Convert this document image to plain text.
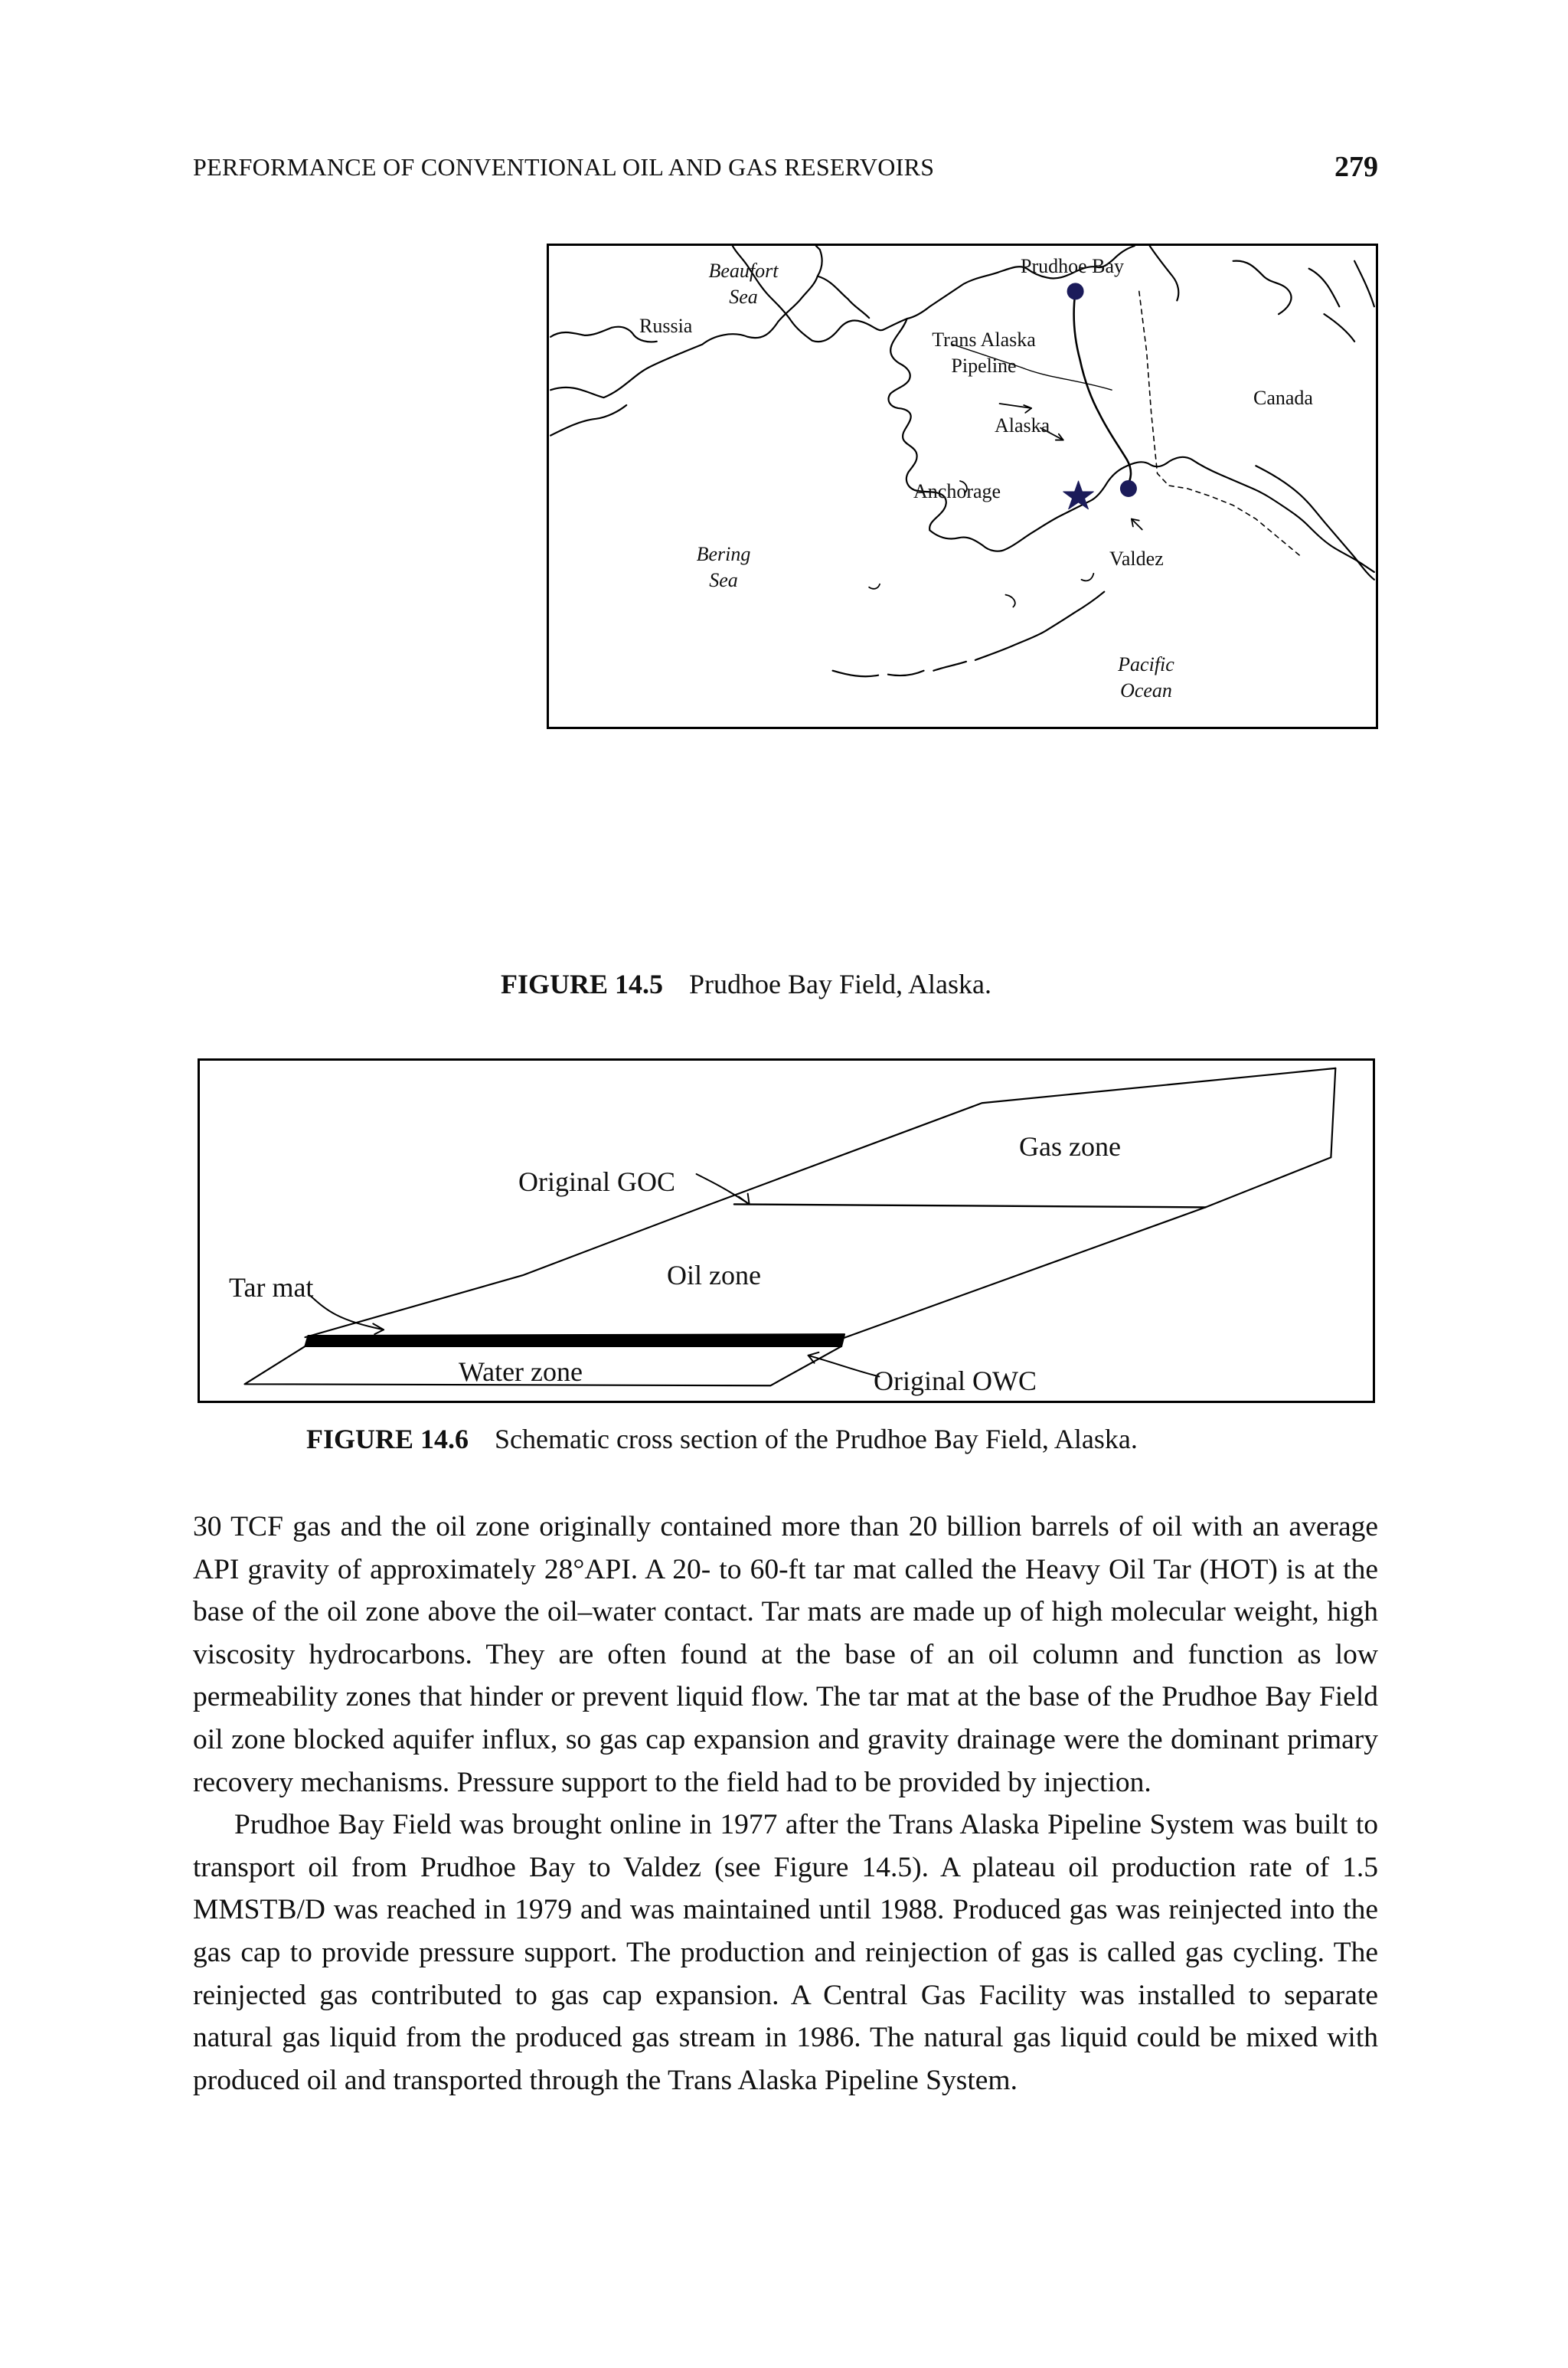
PERFORMANCE OF CONVENTIONAL OIL AND GAS RESERVOIRS	279
Beaufort
Sea
Prudhoe Bay
Russia
Trans Alaska
Pipeline
Canada
Alaska
Anchorage
Bering
Sea
Valdez
Pacific
Ocean
FIGURE 14.5 Prudhoe Bay Field, Alaska.
Gas zone
Original GOC
Tar mat	Oil zone
Water zone	Original OWC
FIGURE 14.6 Schematic cross section of the Prudhoe Bay Field, Alaska.

30 TCF gas and the oil zone originally contained more than 20 billion barrels of oil with an average API gravity of approximately 28°API. A 20- to 60-ft tar mat called the Heavy Oil Tar (HOT) is at the base of the oil zone above the oil–water contact. Tar mats are made up of high molecular weight, high viscosity hydrocarbons. They are often found at the base of an oil column and function as low permeability zones that hinder or prevent liquid flow. The tar mat at the base of the Prudhoe Bay Field oil zone blocked aquifer influx, so gas cap expansion and gravity drainage were the dominant primary recovery mechanisms. Pressure support to the field had to be provided by injection.

Prudhoe Bay Field was brought online in 1977 after the Trans Alaska Pipeline System was built to transport oil from Prudhoe Bay to Valdez (see Figure 14.5). A plateau oil production rate of 1.5 MMSTB/D was reached in 1979 and was maintained until 1988. Produced gas was reinjected into the gas cap to provide pressure support. The production and reinjection of gas is called gas cycling. The reinjected gas contributed to gas cap expansion. A Central Gas Facility was installed to separate natural gas liquid from the produced gas stream in 1986. The natural gas liquid could be mixed with produced oil and transported through the Trans Alaska Pipeline System.
